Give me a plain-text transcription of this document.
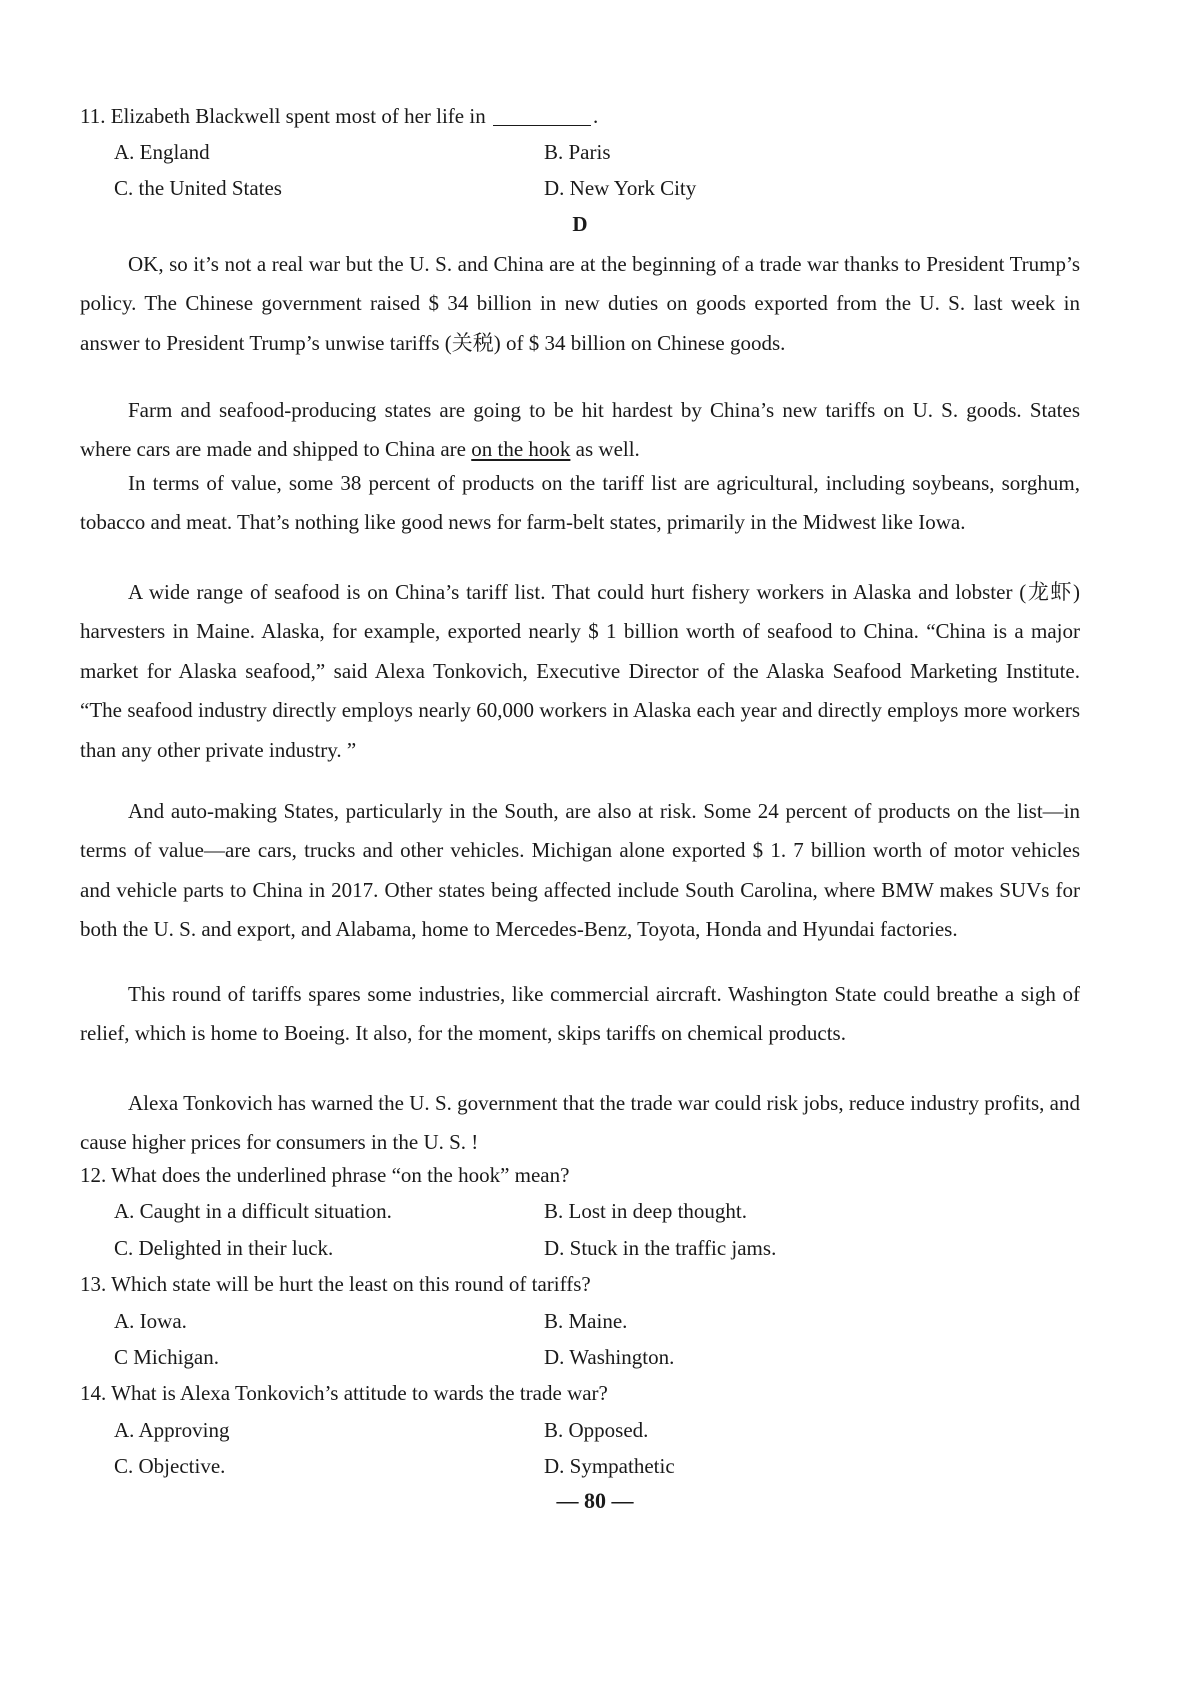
11. Elizabeth Blackwell spent most of her life in	.
A. England	B. Paris
C. the United States	D. New York City
D
OK, so it’s not a real war but the U. S. and China are at the beginning of a trade war thanks to President Trump’s policy. The Chinese government raised $ 34 billion in new duties on goods exported from the U. S. last week in answer to President Trump’s unwise tariffs (关税) of $ 34 billion on Chinese goods.
Farm and seafood-producing states are going to be hit hardest by China’s new tariffs on U. S. goods. States where cars are made and shipped to China are on the hook as well.
In terms of value, some 38 percent of products on the tariff list are agricultural, including soybeans, sorghum, tobacco and meat. That’s nothing like good news for farm-belt states, primarily in the Midwest like Iowa.
A wide range of seafood is on China’s tariff list. That could hurt fishery workers in Alaska and lobster (龙虾) harvesters in Maine. Alaska, for example, exported nearly $ 1 billion worth of seafood to China. “China is a major market for Alaska seafood,” said Alexa Tonkovich, Executive Director of the Alaska Seafood Marketing Institute. “The seafood industry directly employs nearly 60,000 workers in Alaska each year and directly employs more workers than any other private industry. ”
And auto-making States, particularly in the South, are also at risk. Some 24 percent of products on the list—in terms of value—are cars, trucks and other vehicles. Michigan alone exported $ 1. 7 billion worth of motor vehicles and vehicle parts to China in 2017. Other states being affected include South Carolina, where BMW makes SUVs for both the U. S. and export, and Alabama, home to Mercedes-Benz, Toyota, Honda and Hyundai factories.
This round of tariffs spares some industries, like commercial aircraft. Washington State could breathe a sigh of relief, which is home to Boeing. It also, for the moment, skips tariffs on chemical products.
Alexa Tonkovich has warned the U. S. government that the trade war could risk jobs, reduce industry profits, and cause higher prices for consumers in the U. S. !
12. What does the underlined phrase “on the hook” mean?
A. Caught in a difficult situation.	B. Lost in deep thought.
C. Delighted in their luck.	D. Stuck in the traffic jams.
13. Which state will be hurt the least on this round of tariffs?
A. Iowa.	B. Maine.
C Michigan.	D. Washington.
14. What is Alexa Tonkovich’s attitude to wards the trade war?
A. Approving	B. Opposed.
C. Objective.	D. Sympathetic
— 80 —
